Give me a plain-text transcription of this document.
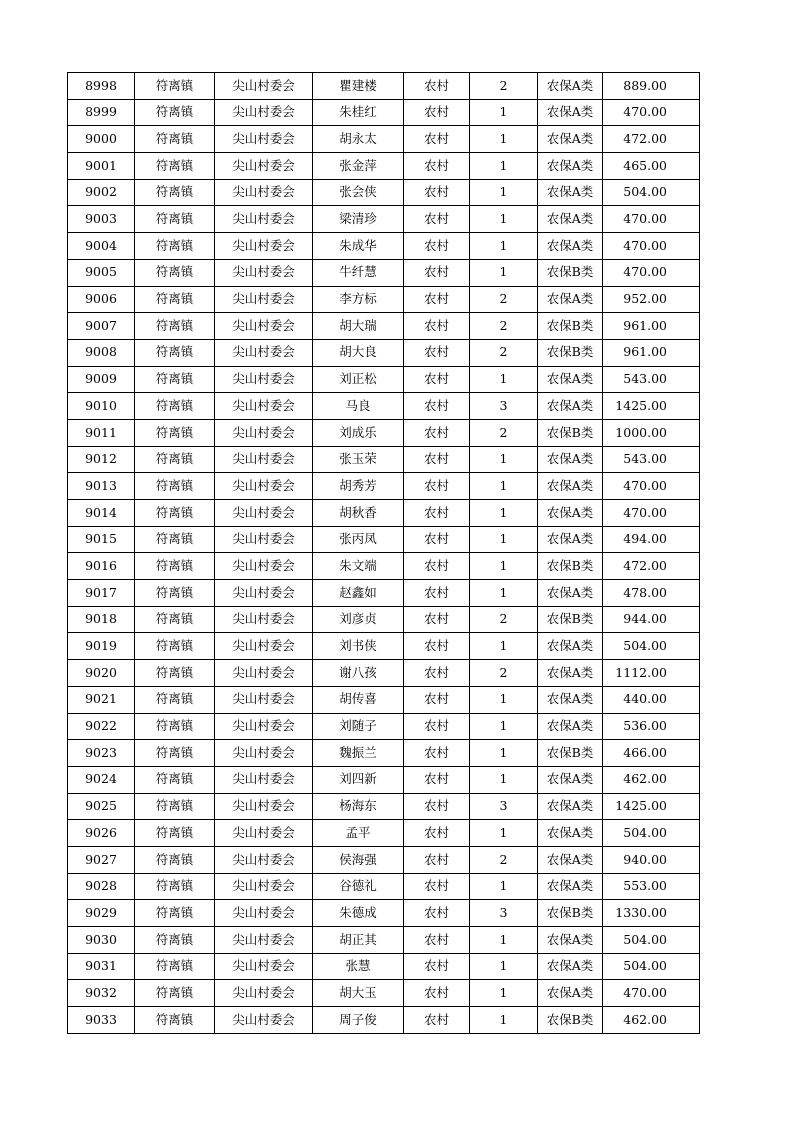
8998	符离镇	尖山村委会	瞿建楼	农村	2	农保A类	889.00
8999	符离镇	尖山村委会	朱桂红	农村	1	农保A类	470.00
9000	符离镇	尖山村委会	胡永太	农村	1	农保A类	472.00
9001	符离镇	尖山村委会	张金萍	农村	1	农保A类	465.00
9002	符离镇	尖山村委会	张会侠	农村	1	农保A类	504.00
9003	符离镇	尖山村委会	梁清珍	农村	1	农保A类	470.00
9004	符离镇	尖山村委会	朱成华	农村	1	农保A类	470.00
9005	符离镇	尖山村委会	牛纤慧	农村	1	农保B类	470.00
9006	符离镇	尖山村委会	李方标	农村	2	农保A类	952.00
9007	符离镇	尖山村委会	胡大瑞	农村	2	农保B类	961.00
9008	符离镇	尖山村委会	胡大良	农村	2	农保B类	961.00
9009	符离镇	尖山村委会	刘正松	农村	1	农保A类	543.00
9010	符离镇	尖山村委会	马良	农村	3	农保A类	1425.00
9011	符离镇	尖山村委会	刘成乐	农村	2	农保B类	1000.00
9012	符离镇	尖山村委会	张玉荣	农村	1	农保A类	543.00
9013	符离镇	尖山村委会	胡秀芳	农村	1	农保A类	470.00
9014	符离镇	尖山村委会	胡秋香	农村	1	农保A类	470.00
9015	符离镇	尖山村委会	张丙凤	农村	1	农保A类	494.00
9016	符离镇	尖山村委会	朱文端	农村	1	农保B类	472.00
9017	符离镇	尖山村委会	赵鑫如	农村	1	农保A类	478.00
9018	符离镇	尖山村委会	刘彦贞	农村	2	农保B类	944.00
9019	符离镇	尖山村委会	刘书侠	农村	1	农保A类	504.00
9020	符离镇	尖山村委会	谢八孩	农村	2	农保A类	1112.00
9021	符离镇	尖山村委会	胡传喜	农村	1	农保A类	440.00
9022	符离镇	尖山村委会	刘随子	农村	1	农保A类	536.00
9023	符离镇	尖山村委会	魏振兰	农村	1	农保B类	466.00
9024	符离镇	尖山村委会	刘四新	农村	1	农保A类	462.00
9025	符离镇	尖山村委会	杨海东	农村	3	农保A类	1425.00
9026	符离镇	尖山村委会	孟平	农村	1	农保A类	504.00
9027	符离镇	尖山村委会	侯海强	农村	2	农保A类	940.00
9028	符离镇	尖山村委会	谷德礼	农村	1	农保A类	553.00
9029	符离镇	尖山村委会	朱德成	农村	3	农保B类	1330.00
9030	符离镇	尖山村委会	胡正其	农村	1	农保A类	504.00
9031	符离镇	尖山村委会	张慧	农村	1	农保A类	504.00
9032	符离镇	尖山村委会	胡大玉	农村	1	农保A类	470.00
9033	符离镇	尖山村委会	周子俊	农村	1	农保B类	462.00
